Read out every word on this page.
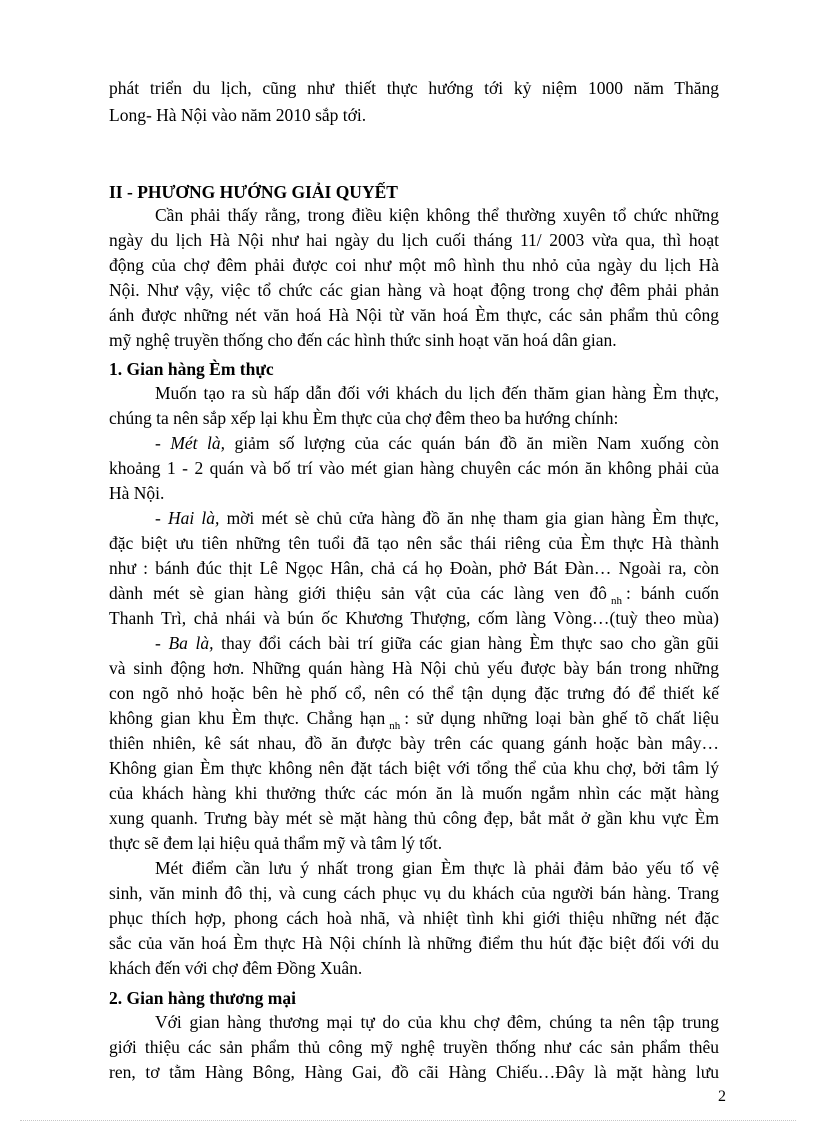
phát triển du lịch, cũng như thiết thực hướng tới kỷ niệm 1000 năm Thăng
Long- Hà Nội vào năm 2010 sắp tới.
II - PHƯƠNG HƯỚNG GIẢI QUYẾT
Cần phải thấy rằng, trong điều kiện không thể thường xuyên tổ chức những
ngày du lịch Hà Nội như hai ngày du lịch cuối tháng 11/ 2003 vừa qua, thì hoạt
động của chợ đêm phải được coi như một mô hình thu nhỏ của ngày du lịch Hà
Nội. Như vậy, việc tổ chức các gian hàng và hoạt động trong chợ đêm phải phản
ánh được những nét văn hoá Hà Nội từ văn hoá Èm thực, các sản phẩm thủ công
mỹ nghệ truyền thống cho đến các hình thức sinh hoạt văn hoá dân gian.
1. Gian hàng Èm thực
Muốn tạo ra sù hấp dẫn đối với khách du lịch đến thăm gian hàng Èm thực,
chúng ta nên sắp xếp lại khu Èm thực của chợ đêm theo ba hướng chính:
- Mét là, giảm số lượng của các quán bán đồ ăn miền Nam xuống còn
khoảng 1 - 2 quán và bố trí vào mét gian hàng chuyên các món ăn không phải của
Hà Nội.
- Hai là, mời mét sè chủ cửa hàng đồ ăn nhẹ tham gia gian hàng Èm thực,
đặc biệt ưu tiên những tên tuổi đã tạo nên sắc thái riêng của Èm thực Hà thành
như : bánh đúc thịt Lê Ngọc Hân, chả cá họ Đoàn, phở Bát Đàn… Ngoài ra, còn
dành mét sè gian hàng giới thiệu sản vật của các làng ven đô $_{nh}$ : bánh cuốn
Thanh Trì, chả nhái và bún ốc Khương Thượng, cốm làng Vòng…(tuỳ theo mùa)
- Ba là, thay đổi cách bài trí giữa các gian hàng Èm thực sao cho gần gũi
và sinh động hơn. Những quán hàng Hà Nội chủ yếu được bày bán trong những
con ngõ nhỏ hoặc bên hè phố cổ, nên có thể tận dụng đặc trưng đó để thiết kế
không gian khu Èm thực. Chẳng hạn $_{nh}$ : sử dụng những loại bàn ghế tõ chất liệu
thiên nhiên, kê sát nhau, đồ ăn được bày trên các quang gánh hoặc bàn mây…
Không gian Èm thực không nên đặt tách biệt với tổng thể của khu chợ, bởi tâm lý
của khách hàng khi thưởng thức các món ăn là muốn ngắm nhìn các mặt hàng
xung quanh. Trưng bày mét sè mặt hàng thủ công đẹp, bắt mắt ở gần khu vực Èm
thực sẽ đem lại hiệu quả thẩm mỹ và tâm lý tốt.
Mét điểm cần lưu ý nhất trong gian Èm thực là phải đảm bảo yếu tố vệ
sinh, văn minh đô thị, và cung cách phục vụ du khách của người bán hàng. Trang
phục thích hợp, phong cách hoà nhã, và nhiệt tình khi giới thiệu những nét đặc
sắc của văn hoá Èm thực Hà Nội chính là những điểm thu hút đặc biệt đối với du
khách đến với chợ đêm Đồng Xuân.
2. Gian hàng thương mại
Với gian hàng thương mại tự do của khu chợ đêm, chúng ta nên tập trung
giới thiệu các sản phẩm thủ công mỹ nghệ truyền thống như các sản phẩm thêu
ren, tơ tằm Hàng Bông, Hàng Gai, đồ cãi Hàng Chiếu…Đây là mặt hàng lưu
2
